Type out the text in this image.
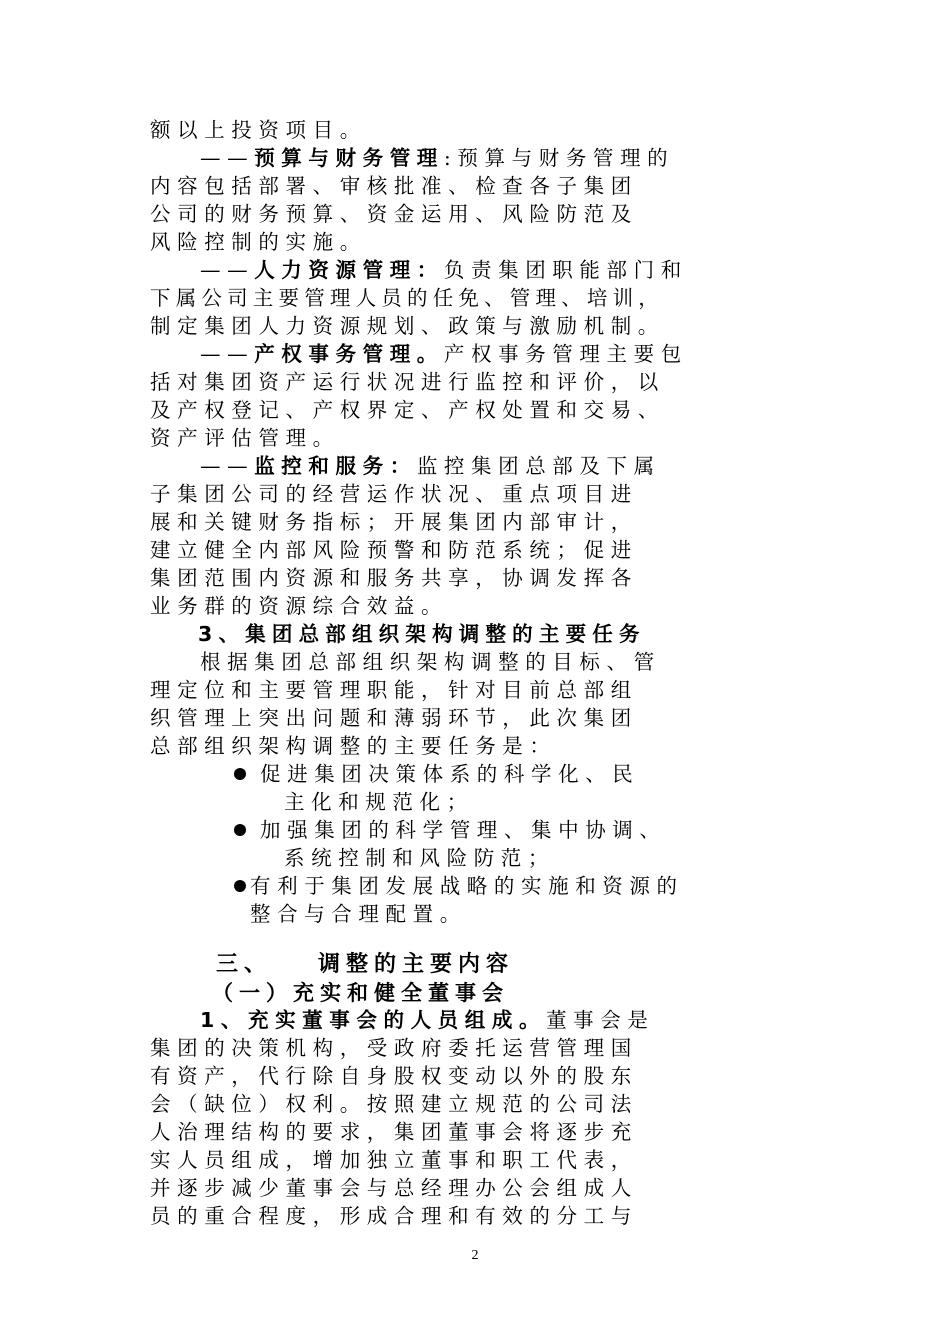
额以上投资项目。
——预算与财务管理:预算与财务管理的
内容包括部署、审核批准、检查各子集团
公司的财务预算、资金运用、风险防范及
风险控制的实施。
——人力资源管理：负责集团职能部门和
下属公司主要管理人员的任免、管理、培训，
制定集团人力资源规划、政策与激励机制。
——产权事务管理。产权事务管理主要包
括对集团资产运行状况进行监控和评价，以
及产权登记、产权界定、产权处置和交易、
资产评估管理。
——监控和服务：监控集团总部及下属
子集团公司的经营运作状况、重点项目进
展和关键财务指标；开展集团内部审计，
建立健全内部风险预警和防范系统；促进
集团范围内资源和服务共享，协调发挥各
业务群的资源综合效益。
3、集团总部组织架构调整的主要任务
根据集团总部组织架构调整的目标、管
理定位和主要管理职能，针对目前总部组
织管理上突出问题和薄弱环节，此次集团
总部组织架构调整的主要任务是：
促进集团决策体系的科学化、民
主化和规范化；
加强集团的科学管理、集中协调、
系统控制和风险防范；
有利于集团发展战略的实施和资源的
整合与合理配置。
三、 调整的主要内容
（一）充实和健全董事会
1、充实董事会的人员组成。董事会是
集团的决策机构，受政府委托运营管理国
有资产，代行除自身股权变动以外的股东
会（缺位）权利。按照建立规范的公司法
人治理结构的要求，集团董事会将逐步充
实人员组成，增加独立董事和职工代表，
并逐步减少董事会与总经理办公会组成人
员的重合程度，形成合理和有效的分工与
2
